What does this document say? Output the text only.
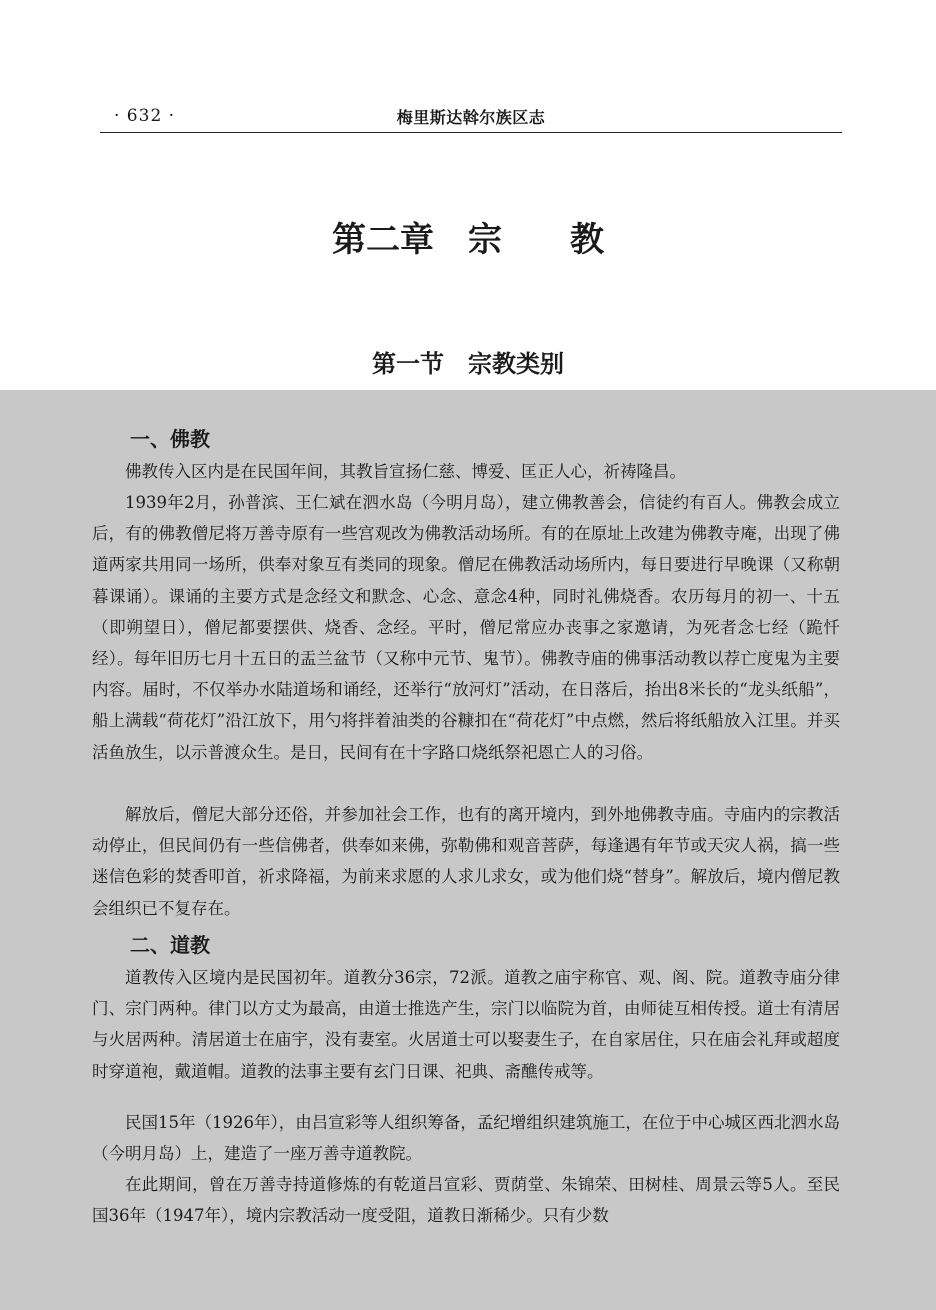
· 632 ·	梅里斯达斡尔族区志
第二章　宗　　教
第一节　宗教类别
一、佛教

佛教传入区内是在民国年间，其教旨宣扬仁慈、博爱、匡正人心，祈祷隆昌。

1939年2月，孙普滨、王仁斌在泗水岛（今明月岛），建立佛教善会，信徒约有百人。佛教会成立后，有的佛教僧尼将万善寺原有一些宫观改为佛教活动场所。有的在原址上改建为佛教寺庵，出现了佛道两家共用同一场所，供奉对象互有类同的现象。僧尼在佛教活动场所内，每日要进行早晚课（又称朝暮课诵）。课诵的主要方式是念经文和默念、心念、意念4种，同时礼佛烧香。农历每月的初一、十五（即朔望日），僧尼都要摆供、烧香、念经。平时，僧尼常应办丧事之家邀请，为死者念七经（跪忏经）。每年旧历七月十五日的盂兰盆节（又称中元节、鬼节）。佛教寺庙的佛事活动教以荐亡度鬼为主要内容。届时，不仅举办水陆道场和诵经，还举行“放河灯”活动，在日落后，抬出8米长的“龙头纸船”，船上满载“荷花灯”沿江放下，用勺将拌着油类的谷糠扣在“荷花灯”中点燃，然后将纸船放入江里。并买活鱼放生，以示普渡众生。是日，民间有在十字路口烧纸祭祀恩亡人的习俗。

解放后，僧尼大部分还俗，并参加社会工作，也有的离开境内，到外地佛教寺庙。寺庙内的宗教活动停止，但民间仍有一些信佛者，供奉如来佛，弥勒佛和观音菩萨，每逢遇有年节或天灾人祸，搞一些迷信色彩的焚香叩首，祈求降福，为前来求愿的人求儿求女，或为他们烧“替身”。解放后，境内僧尼教会组织已不复存在。

二、道教

道教传入区境内是民国初年。道教分36宗，72派。道教之庙宇称官、观、阁、院。道教寺庙分律门、宗门两种。律门以方丈为最高，由道士推选产生，宗门以临院为首，由师徒互相传授。道士有清居与火居两种。清居道士在庙宇，没有妻室。火居道士可以娶妻生子，在自家居住，只在庙会礼拜或超度时穿道袍，戴道帽。道教的法事主要有玄门日课、祀典、斋醮传戒等。

民国15年（1926年），由吕宣彩等人组织筹备，孟纪增组织建筑施工，在位于中心城区西北泗水岛（今明月岛）上，建造了一座万善寺道教院。

在此期间，曾在万善寺持道修炼的有乾道吕宣彩、贾荫堂、朱锦荣、田树桂、周景云等5人。至民国36年（1947年），境内宗教活动一度受阻，道教日渐稀少。只有少数
